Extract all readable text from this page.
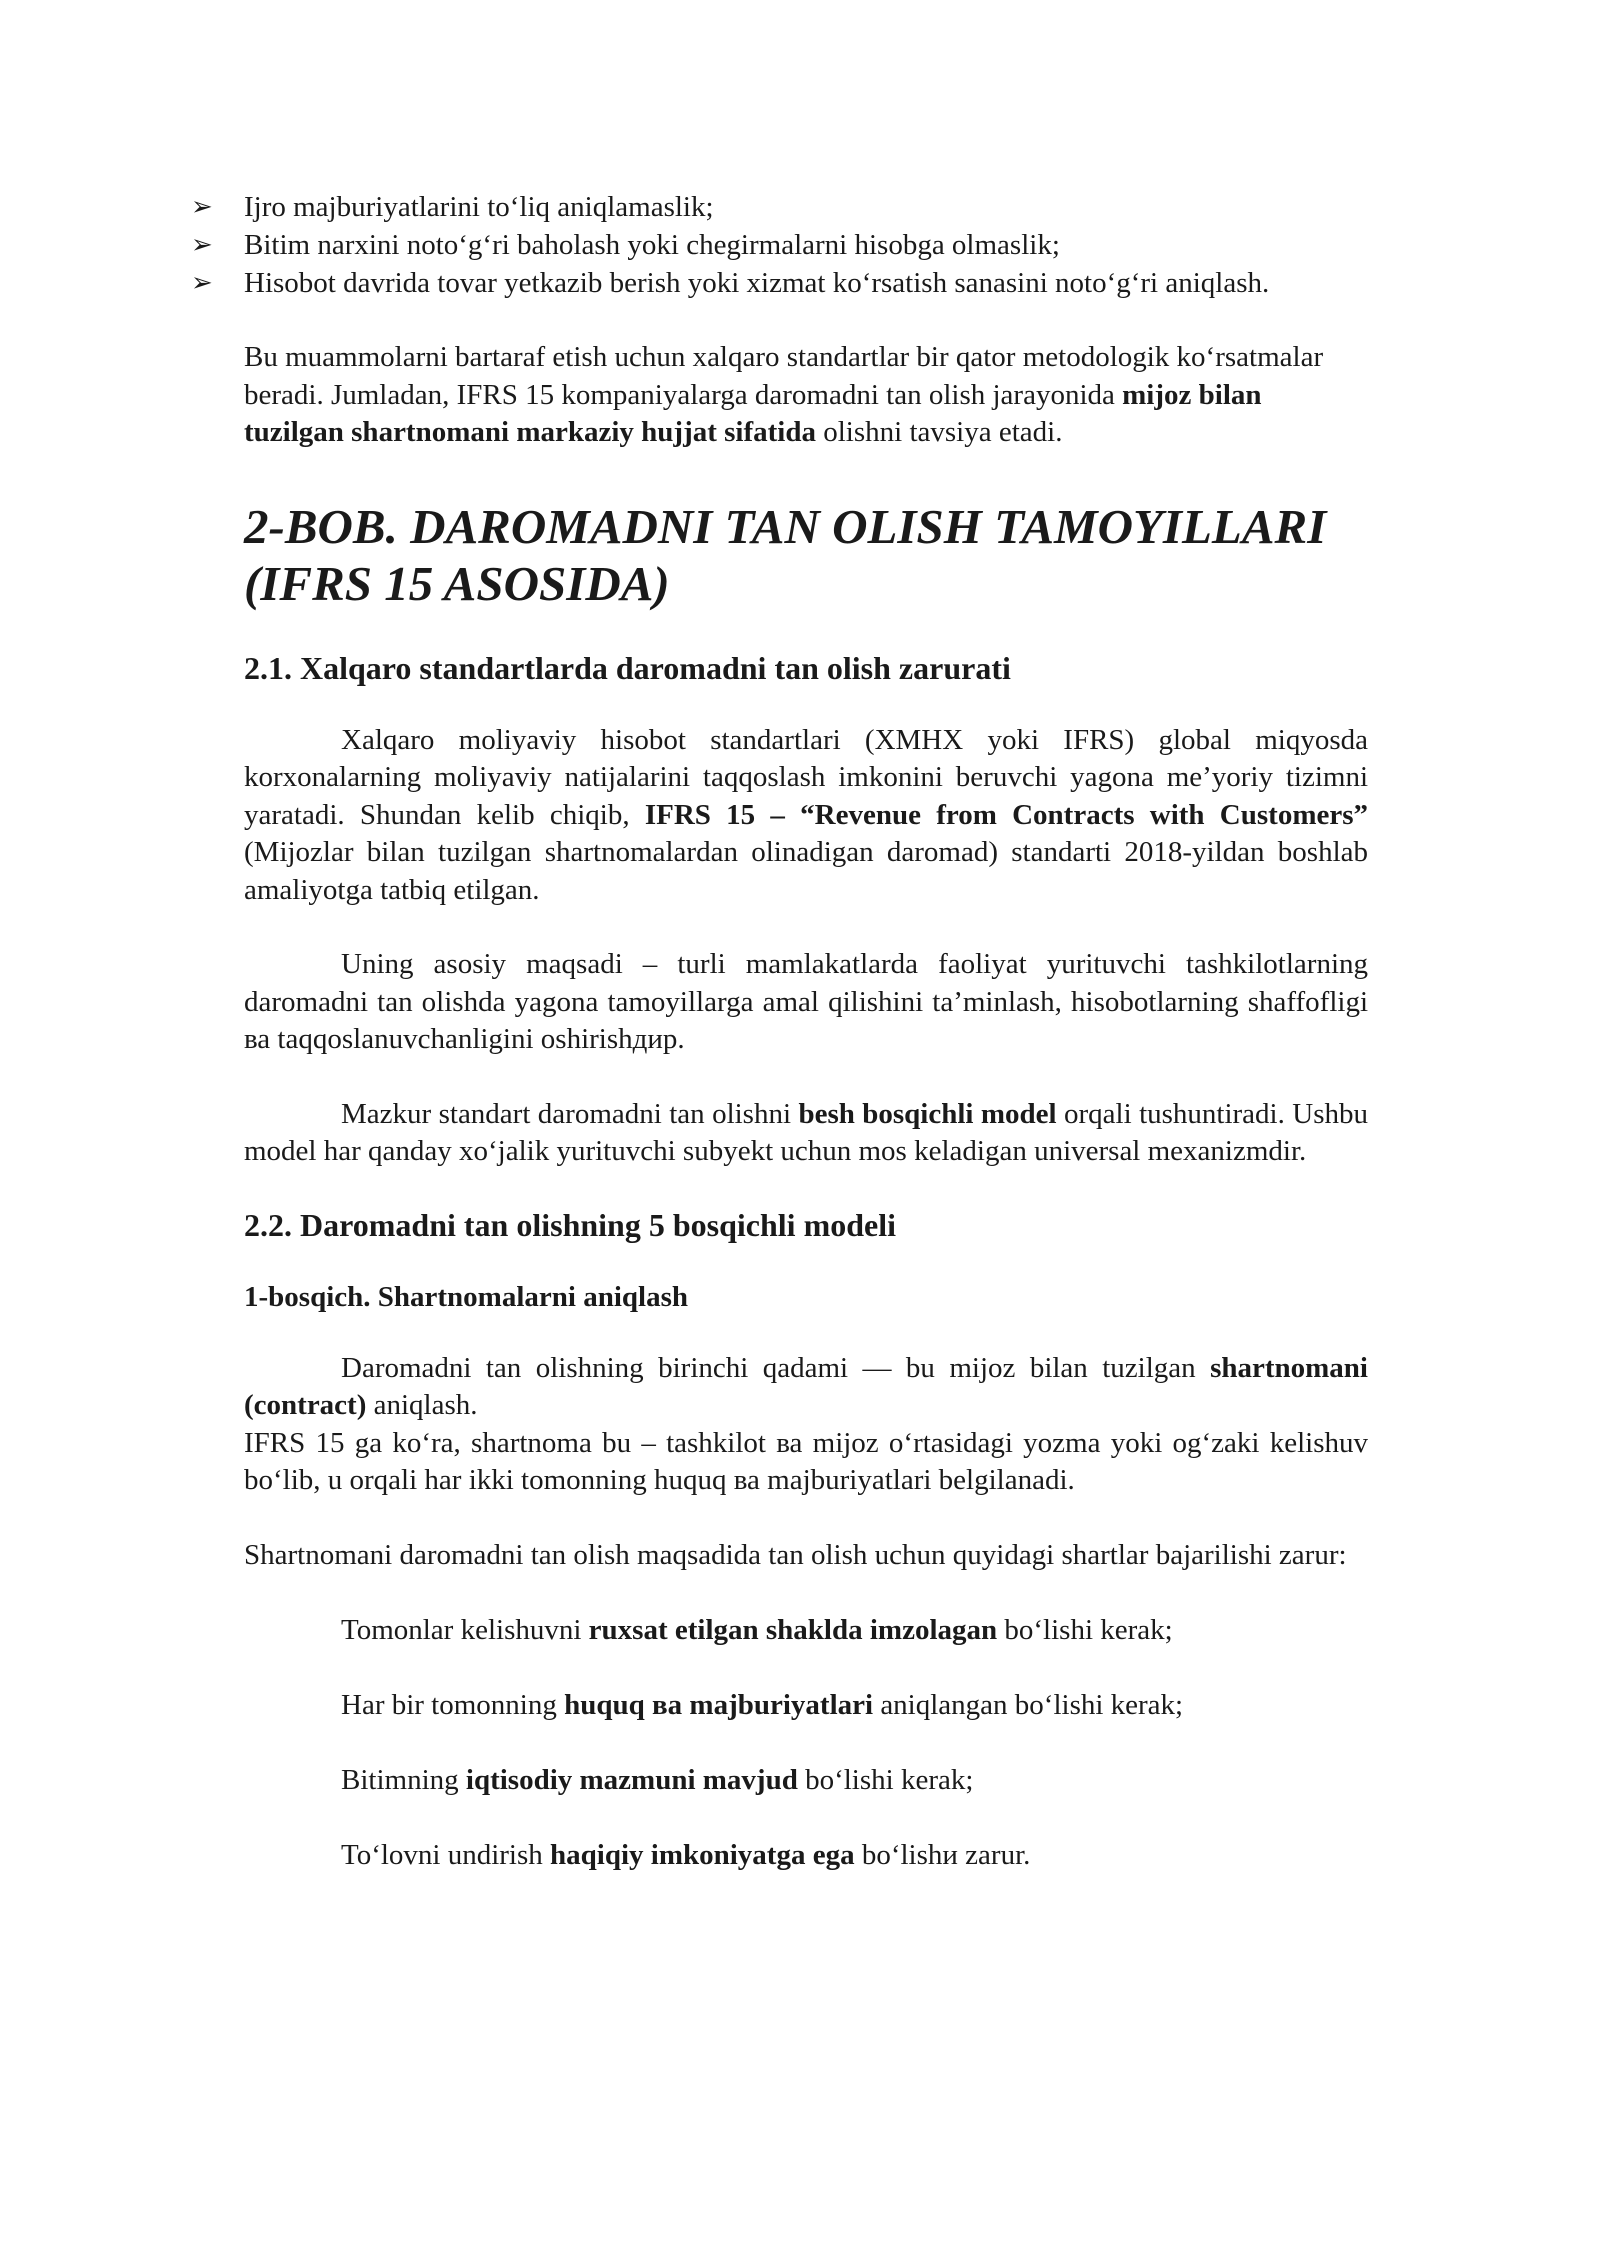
➢ Ijro majburiyatlarini to‘liq aniqlamaslik;
➢ Bitim narxini noto‘g‘ri baholash yoki chegirmalarni hisobga olmaslik;
➢ Hisobot davrida tovar yetkazib berish yoki xizmat ko‘rsatish sanasini noto‘g‘ri aniqlash.

Bu muammolarni bartaraf etish uchun xalqaro standartlar bir qator metodologik ko‘rsatmalar beradi. Jumladan, IFRS 15 kompaniyalarga daromadni tan olish jarayonida mijoz bilan tuzilgan shartnomani markaziy hujjat sifatida olishni tavsiya etadi.

2-BOB. DAROMADNI TAN OLISH TAMOYILLARI
(IFRS 15 ASOSIDA)
2.1. Xalqaro standartlarda daromadni tan olish zarurati

Xalqaro moliyaviy hisobot standartlari (XMHX yoki IFRS) global miqyosda korxonalarning moliyaviy natijalarini taqqoslash imkonini beruvchi yagona me’yoriy tizimni yaratadi. Shundan kelib chiqib, IFRS 15 – “Revenue from Contracts with Customers” (Mijozlar bilan tuzilgan shartnomalardan olinadigan daromad) standarti 2018-yildan boshlab amaliyotga tatbiq etilgan.

Uning asosiy maqsadi – turli mamlakatlarda faoliyat yurituvchi tashkilotlarning daromadni tan olishda yagona tamoyillarga amal qilishini ta’minlash, hisobotlarning shaffofligi ва taqqoslanuvchanligini oshirishдир.

Mazkur standart daromadni tan olishni besh bosqichli model orqali tushuntiradi. Ushbu model har qanday xo‘jalik yurituvchi subyekt uchun mos keladigan universal mexanizmdir.

2.2. Daromadni tan olishning 5 bosqichli modeli
1-bosqich. Shartnomalarni aniqlash

Daromadni tan olishning birinchi qadami — bu mijoz bilan tuzilgan shartnomani (contract) aniqlash.

IFRS 15 ga ko‘ra, shartnoma bu – tashkilot ва mijoz o‘rtasidagi yozma yoki og‘zaki kelishuv bo‘lib, u orqali har ikki tomonning huquq ва majburiyatlari belgilanadi.

Shartnomani daromadni tan olish maqsadida tan olish uchun quyidagi shartlar bajarilishi zarur:

Tomonlar kelishuvni ruxsat etilgan shaklda imzolagan bo‘lishi kerak;

Har bir tomonning huquq ва majburiyatlari aniqlangan bo‘lishi kerak;

Bitimning iqtisodiy mazmuni mavjud bo‘lishi kerak;

To‘lovni undirish haqiqiy imkoniyatga ega bo‘lishи zarur.
